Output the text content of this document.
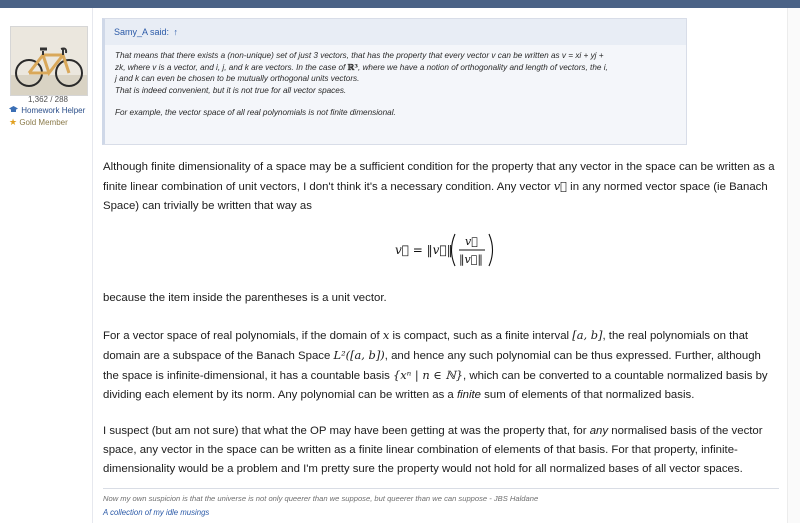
1,362 / 288
Homework Helper
★ Gold Member
Samy_A said: ↑

That means that there exists a (non-unique) set of just 3 vectors, that has the property that every vector v can be written as v = xi + yj +

zk, where v is a vector, and i, j, and k are vectors. In the case of ℝ³, where we have a notion of orthogonality and length of vectors, the i,

j and k can even be chosen to be mutually orthogonal units vectors.

That is indeed convenient, but it is not true for all vector spaces.

For example, the vector space of all real polynomials is not finite dimensional.

Although finite dimensionality of a space may be a sufficient condition for the property that any vector in the space can be written as a finite linear combination of unit vectors, I don't think it's a necessary condition. Any vector v⃗ in any normed vector space (ie Banach Space) can trivially be written that way as

v⃗ = ‖v⃗‖
v⃗
‖v⃗‖

because the item inside the parentheses is a unit vector.

For a vector space of real polynomials, if the domain of x is compact, such as a finite interval [a, b], the real polynomials on that domain are a subspace of the Banach Space L²([a, b]), and hence any such polynomial can be thus expressed. Further, although the space is infinite-dimensional, it has a countable basis {xⁿ | n ∈ ℕ}, which can be converted to a countable normalized basis by dividing each element by its norm. Any polynomial can be written as a finite sum of elements of that normalized basis.

I suspect (but am not sure) that what the OP may have been getting at was the property that, for any normalised basis of the vector space, any vector in the space can be written as a finite linear combination of elements of that basis. For that property, infinite-dimensionality would be a problem and I'm pretty sure the property would not hold for all normalized bases of all vector spaces.

Now my own suspicion is that the universe is not only queerer than we suppose, but queerer than we can suppose - JBS Haldane
A collection of my idle musings
